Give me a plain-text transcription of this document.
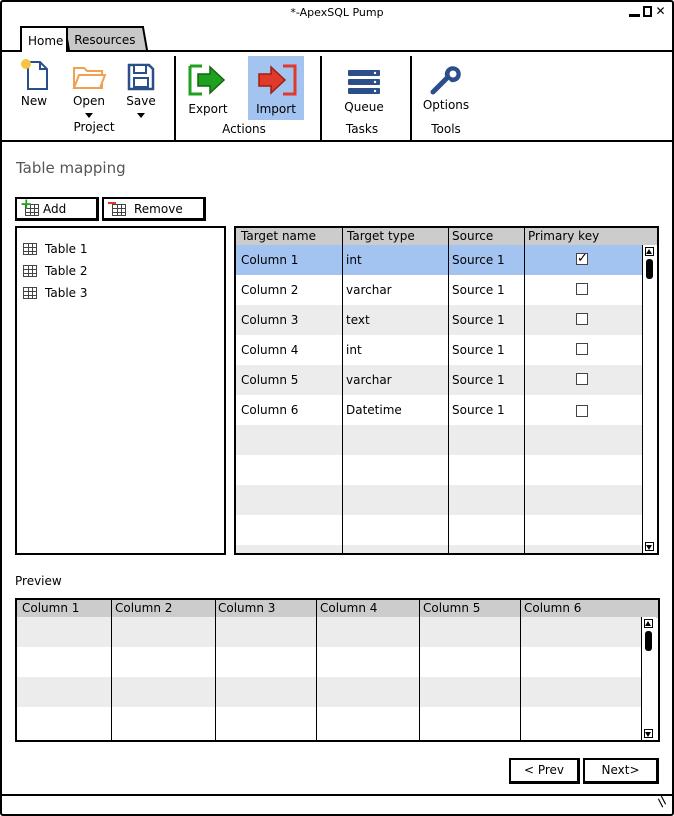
*-ApexSQL Pump	✕
Home Resources
New	Open	Save
Project
Export	Import
Actions
Queue
Tasks
Options
Tools
Table mapping
+ Add	Remove
Table 1
Table 2
Table 3
Target name	Target type	Source	Primary key
Column 1	int	Source 1	✓
Column 2	varchar	Source 1
Column 3	text	Source 1
Column 4	int	Source 1
Column 5	varchar	Source 1
Column 6	Datetime	Source 1
Preview
Column 1	Column 2	Column 3	Column 4	Column 5	Column 6
< Prev	Next>
//
